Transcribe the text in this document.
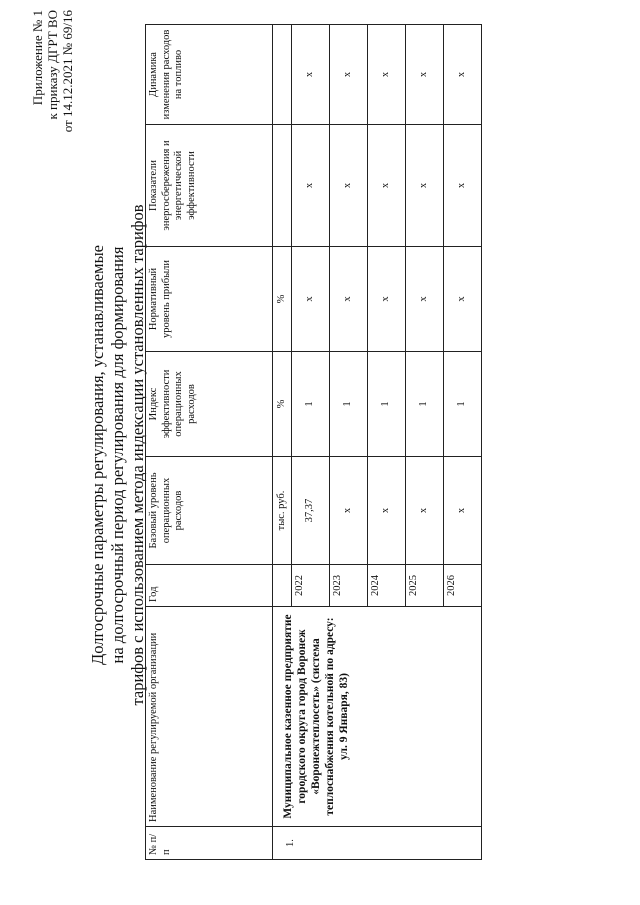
Приложение № 1 к приказу ДГРТ ВО от 14.12.2021 № 69/16
Долгосрочные параметры регулирования, устанавливаемые на долгосрочный период регулирования для формирования тарифов с использованием метода индексации установленных тарифов
№ п/п	Наименование регулируемой организации	Год	Базовый уровень операционных расходов	Индекс эффективности операционных расходов	Нормативный уровень прибыли	Показатели энергосбережения и энергетической эффективности	Динамика изменения расходов на топливо
1.	Муниципальное казенное предприятие городского округа город Воронеж «Воронежтеплосеть» (система теплоснабжения котельной по адресу: ул. 9 Января, 83)		тыс. руб.	%	%		
		2022	37,37	1	х	х	х
		2023	х	1	х	х	х
		2024	х	1	х	х	х
		2025	х	1	х	х	х
		2026	х	1	х	х	х
